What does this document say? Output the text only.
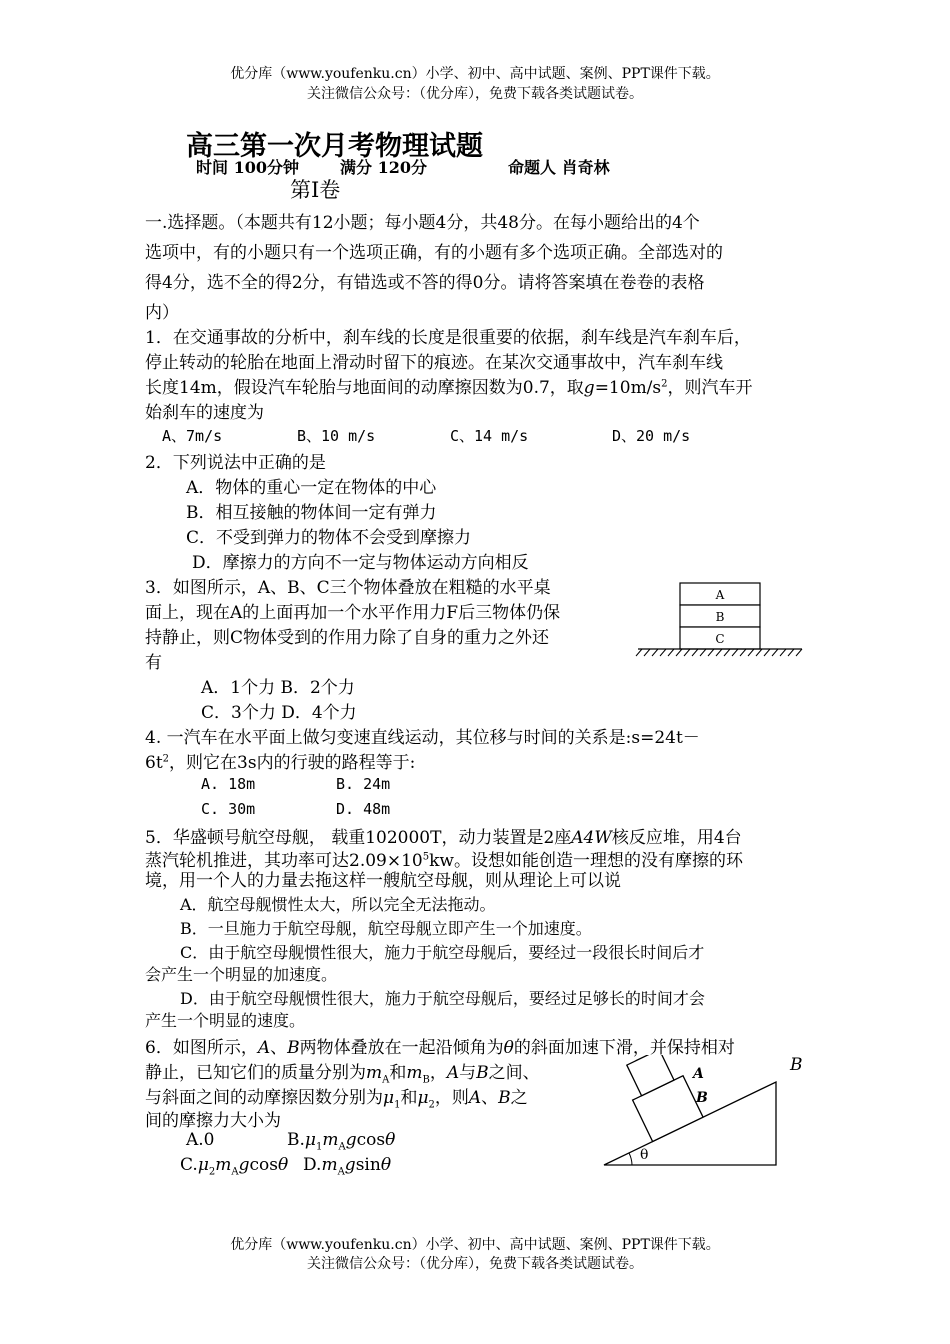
优分库（www.youfenku.cn）小学、初中、高中试题、案例、PPT课件下载。
关注微信公众号：（优分库），免费下载各类试题试卷。
高三第一次月考物理试题
时间 100分钟	满分 120分	命题人 肖奇林
第Ⅰ卷
一.选择题。（本题共有12小题；每小题4分，共48分。在每小题给出的4个
选项中，有的小题只有一个选项正确，有的小题有多个选项正确。全部选对的
得4分，选不全的得2分，有错选或不答的得0分。请将答案填在卷卷的表格
内）
1．在交通事故的分析中，刹车线的长度是很重要的依据，刹车线是汽车刹车后，
停止转动的轮胎在地面上滑动时留下的痕迹。在某次交通事故中，汽车刹车线
长度14m，假设汽车轮胎与地面间的动摩擦因数为0.7，取$g=10m/s^2$，则汽车开
始刹车的速度为
A、7m/s	B、10 m/s	C、14 m/s	D、20 m/s
2．下列说法中正确的是
A．物体的重心一定在物体的中心
B．相互接触的物体间一定有弹力
C．不受到弹力的物体不会受到摩擦力
D．摩擦力的方向不一定与物体运动方向相反
3．如图所示，A、B、C三个物体叠放在粗糙的水平桌
面上，现在A的上面再加一个水平作用力F后三物体仍保
持静止，则C物体受到的作用力除了自身的重力之外还
有
A．1个力 B．2个力
C．3个力 D．4个力
A
B
C
4. 一汽车在水平面上做匀变速直线运动，其位移与时间的关系是:s=24t－
$6t^2$，则它在3s内的行驶的路程等于:
A. 18m	B. 24m
C. 30m	D. 48m
5．华盛顿号航空母舰， 载重102000T，动力装置是2座A4W核反应堆，用4台
蒸汽轮机推进，其功率可达$2.09\times 10^5kw$。设想如能创造一理想的没有摩擦的环
境，用一个人的力量去拖这样一艘航空母舰，则从理论上可以说
A．航空母舰惯性太大，所以完全无法拖动。
B．一旦施力于航空母舰，航空母舰立即产生一个加速度。
C．由于航空母舰惯性很大，施力于航空母舰后，要经过一段很长时间后才
会产生一个明显的加速度。
D．由于航空母舰惯性很大，施力于航空母舰后，要经过足够长的时间才会
产生一个明显的速度。
6．如图所示，A、B两物体叠放在一起沿倾角为θ的斜面加速下滑，并保持相对
静止，已知它们的质量分别为$m_A$和$m_B$，A与B之间、
与斜面之间的动摩擦因数分别为$\mu_1$和$\mu_2$，则A、B之
间的摩擦力大小为
A.0	$B.\mu_1m_Agcos\theta$
$C.\mu_2m_Agcos\theta$ $D.m_Agsin\theta$
B
A
B
θ
优分库（www.youfenku.cn）小学、初中、高中试题、案例、PPT课件下载。
关注微信公众号：（优分库），免费下载各类试题试卷。
